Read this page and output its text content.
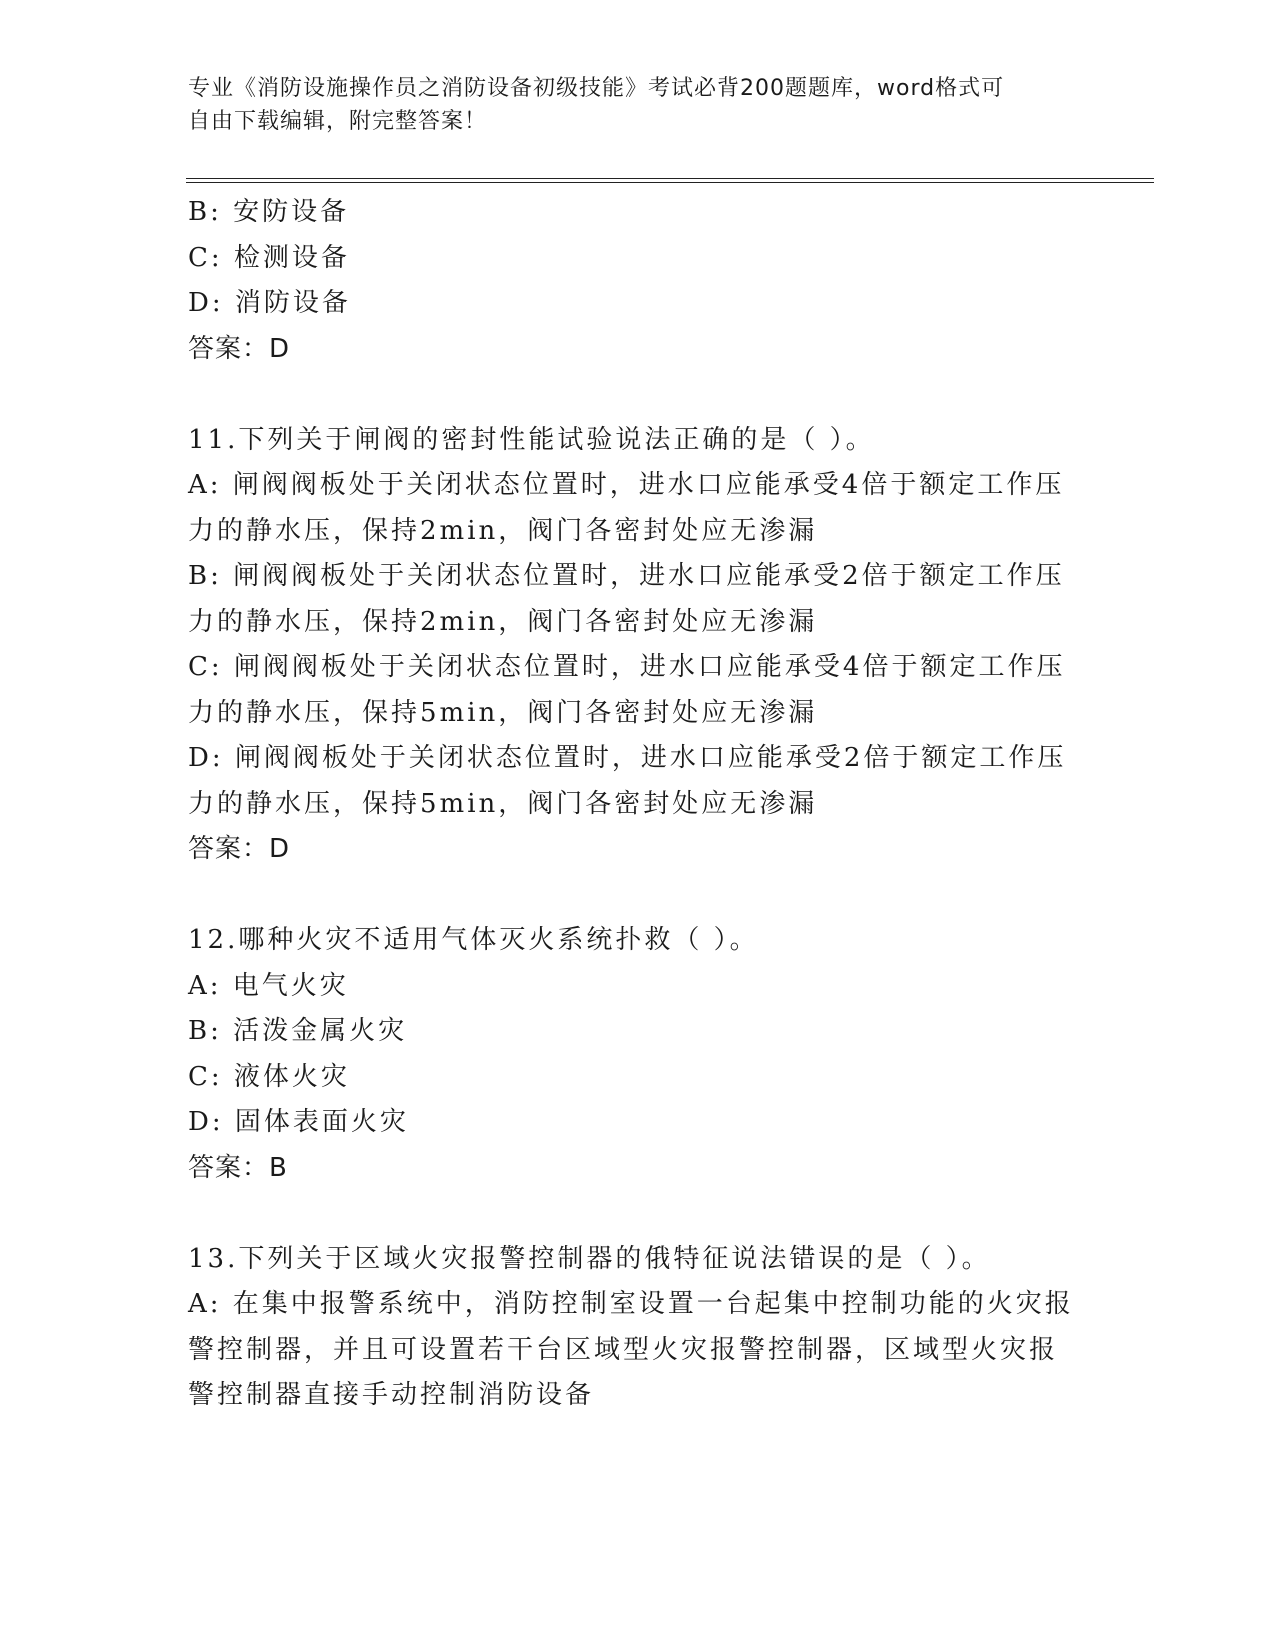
专业《消防设施操作员之消防设备初级技能》考试必背200题题库，word格式可
自由下载编辑，附完整答案！
B: 安防设备
C: 检测设备
D: 消防设备
答案：D
11.下列关于闸阀的密封性能试验说法正确的是（ ）。
A: 闸阀阀板处于关闭状态位置时，进水口应能承受4倍于额定工作压
力的静水压，保持2min，阀门各密封处应无渗漏
B: 闸阀阀板处于关闭状态位置时，进水口应能承受2倍于额定工作压
力的静水压，保持2min，阀门各密封处应无渗漏
C: 闸阀阀板处于关闭状态位置时，进水口应能承受4倍于额定工作压
力的静水压，保持5min，阀门各密封处应无渗漏
D: 闸阀阀板处于关闭状态位置时，进水口应能承受2倍于额定工作压
力的静水压，保持5min，阀门各密封处应无渗漏
答案：D
12.哪种火灾不适用气体灭火系统扑救（ ）。
A: 电气火灾
B: 活泼金属火灾
C: 液体火灾
D: 固体表面火灾
答案：B
13.下列关于区域火灾报警控制器的俄特征说法错误的是（ ）。
A: 在集中报警系统中，消防控制室设置一台起集中控制功能的火灾报
警控制器，并且可设置若干台区域型火灾报警控制器，区域型火灾报
警控制器直接手动控制消防设备
